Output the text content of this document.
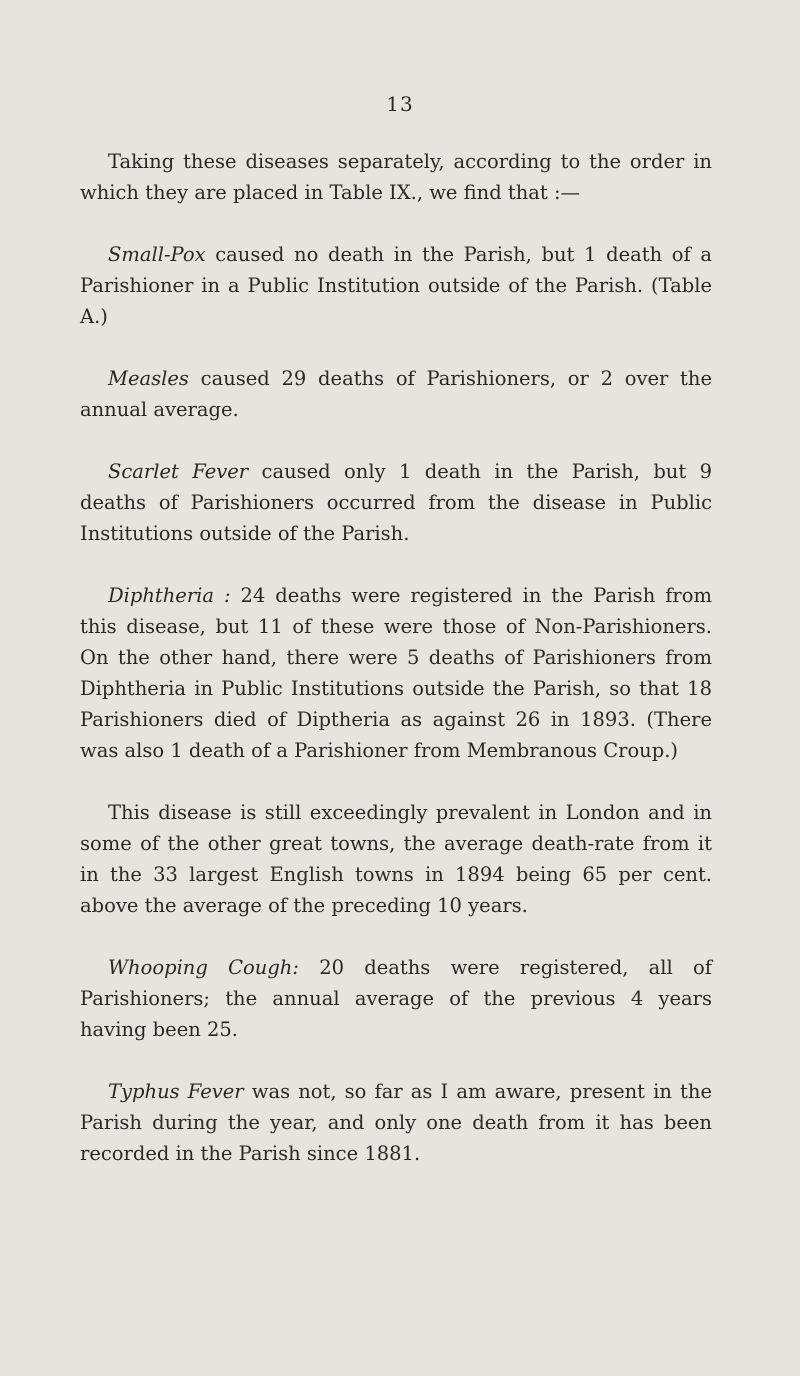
13

Taking these diseases separately, according to the order in which they are placed in Table IX., we find that :—

Small-Pox caused no death in the Parish, but 1 death of a Parishioner in a Public Institution outside of the Parish. (Table A.)

Measles caused 29 deaths of Parishioners, or 2 over the annual average.

Scarlet Fever caused only 1 death in the Parish, but 9 deaths of Parishioners occurred from the disease in Public Institutions outside of the Parish.

Diphtheria : 24 deaths were registered in the Parish from this disease, but 11 of these were those of Non-Parishioners. On the other hand, there were 5 deaths of Parishioners from Diphtheria in Public Institutions outside the Parish, so that 18 Parishioners died of Diptheria as against 26 in 1893. (There was also 1 death of a Parishioner from Membranous Croup.)

This disease is still exceedingly prevalent in London and in some of the other great towns, the average death-rate from it in the 33 largest English towns in 1894 being 65 per cent. above the average of the preceding 10 years.

Whooping Cough: 20 deaths were registered, all of Parishioners; the annual average of the previous 4 years having been 25.

Typhus Fever was not, so far as I am aware, present in the Parish during the year, and only one death from it has been recorded in the Parish since 1881.
